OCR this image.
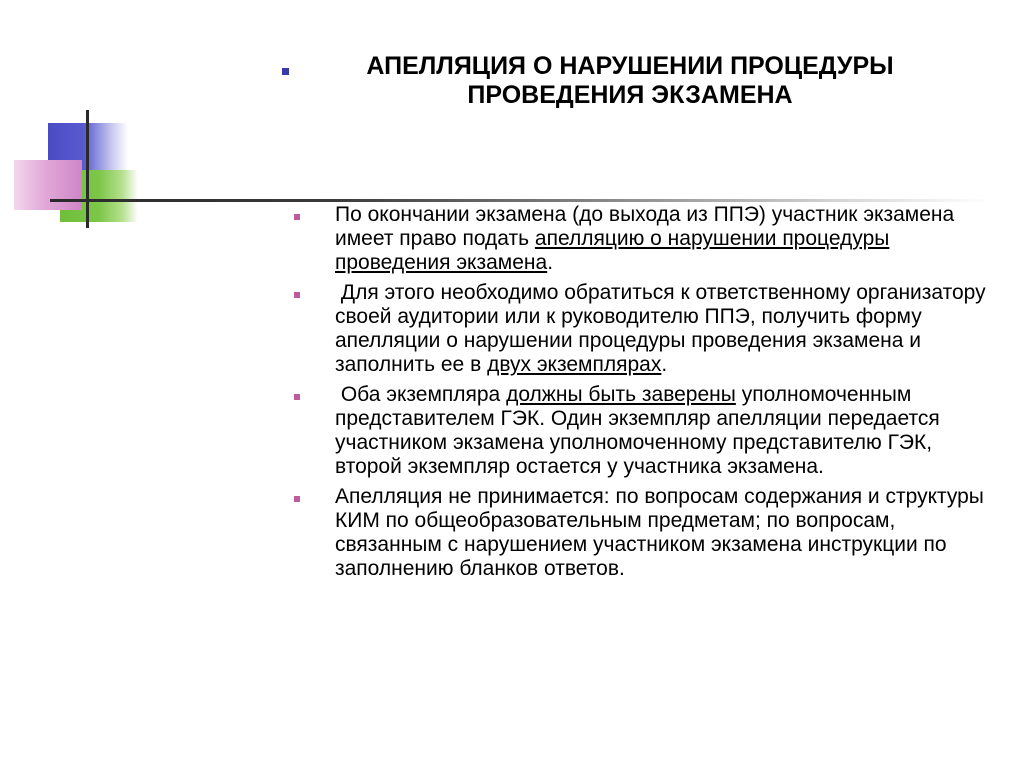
АПЕЛЛЯЦИЯ О НАРУШЕНИИ ПРОЦЕДУРЫ
ПРОВЕДЕНИЯ ЭКЗАМЕНА
По окончании экзамена (до выхода из ППЭ) участник экзамена имеет право подать апелляцию о нарушении процедуры проведения экзамена.
Для этого необходимо обратиться к ответственному организатору своей аудитории или к руководителю ППЭ, получить форму апелляции о нарушении процедуры проведения экзамена и заполнить ее в двух экземплярах.
Оба экземпляра должны быть заверены уполномоченным представителем ГЭК. Один экземпляр апелляции передается участником экзамена уполномоченному представителю ГЭК, второй экземпляр остается у участника экзамена.
Апелляция не принимается: по вопросам содержания и структуры КИМ по общеобразовательным предметам; по вопросам, связанным с нарушением участником экзамена инструкции по заполнению бланков ответов.
